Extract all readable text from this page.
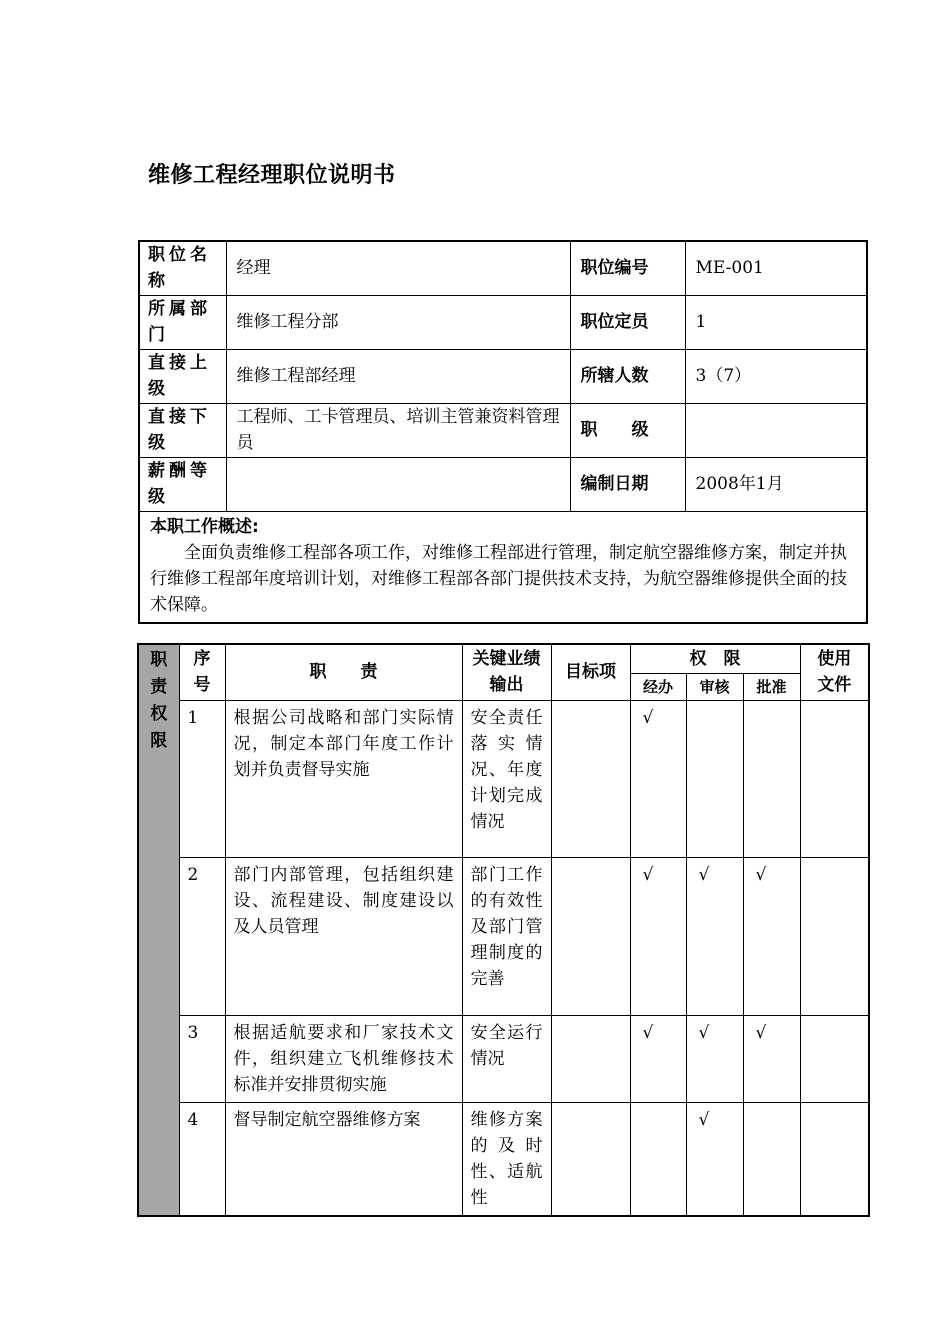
维修工程经理职位说明书
职位名称	经理	职位编号	ME-001
所属部门	维修工程分部	职位定员	1
直接上级	维修工程部经理	所辖人数	3（7）
直接下级	工程师、工卡管理员、培训主管兼资料管理员	职　　级	
薪酬等级		编制日期	2008年1月

本职工作概述:
全面负责维修工程部各项工作，对维修工程部进行管理，制定航空器维修方案，制定并执行维修工程部年度培训计划，对维修工程部各部门提供技术支持，为航空器维修提供全面的技术保障。			
职
责
权
限	序号	职　　责	关键业绩输出	目标项	权　限			使用文件
					经办	审核	批准	
	1	根据公司战略和部门实际情况，制定本部门年度工作计划并负责督导实施	安全责任落实情况、年度计划完成情况		√			
	2	部门内部管理，包括组织建设、流程建设、制度建设以及人员管理	部门工作的有效性及部门管理制度的完善		√	√	√	
	3	根据适航要求和厂家技术文件，组织建立飞机维修技术标准并安排贯彻实施	安全运行情况		√	√	√	
	4	督导制定航空器维修方案	维修方案的及时性、适航性			√		
